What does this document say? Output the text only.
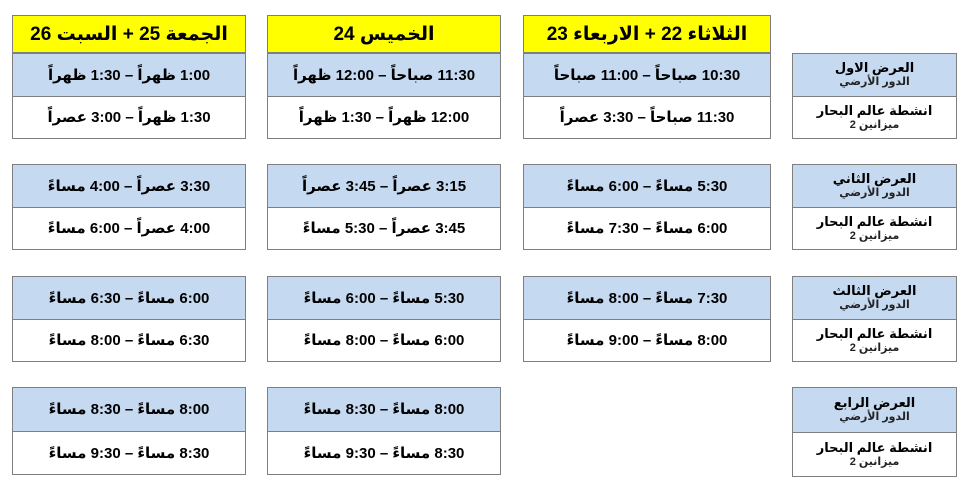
الثلاثاء 22 + الاربعاء 23
الخميس 24
الجمعة 25 + السبت 26
العرض الاول
الدور الأرضي
انشطة عالم البحار
ميزانين 2
العرض الثاني
الدور الأرضي
انشطة عالم البحار
ميزانين 2
العرض الثالث
الدور الأرضي
انشطة عالم البحار
ميزانين 2
العرض الرابع
الدور الأرضي
انشطة عالم البحار
ميزانين 2
10:30 صباحاً – 11:00 صباحاً
11:30 صباحاً – 3:30 عصراً
5:30 مساءً – 6:00 مساءً
6:00 مساءً – 7:30 مساءً
7:30 مساءً – 8:00 مساءً
8:00 مساءً – 9:00 مساءً
11:30 صباحاً – 12:00 ظهراً
12:00 ظهراً – 1:30 ظهراً
3:15 عصراً – 3:45 عصراً
3:45 عصراً – 5:30 مساءً
5:30 مساءً – 6:00 مساءً
6:00 مساءً – 8:00 مساءً
8:00 مساءً – 8:30 مساءً
8:30 مساءً – 9:30 مساءً
1:00 ظهراً – 1:30 ظهراً
1:30 ظهراً – 3:00 عصراً
3:30 عصراً – 4:00 مساءً
4:00 عصراً – 6:00 مساءً
6:00 مساءً – 6:30 مساءً
6:30 مساءً – 8:00 مساءً
8:00 مساءً – 8:30 مساءً
8:30 مساءً – 9:30 مساءً
